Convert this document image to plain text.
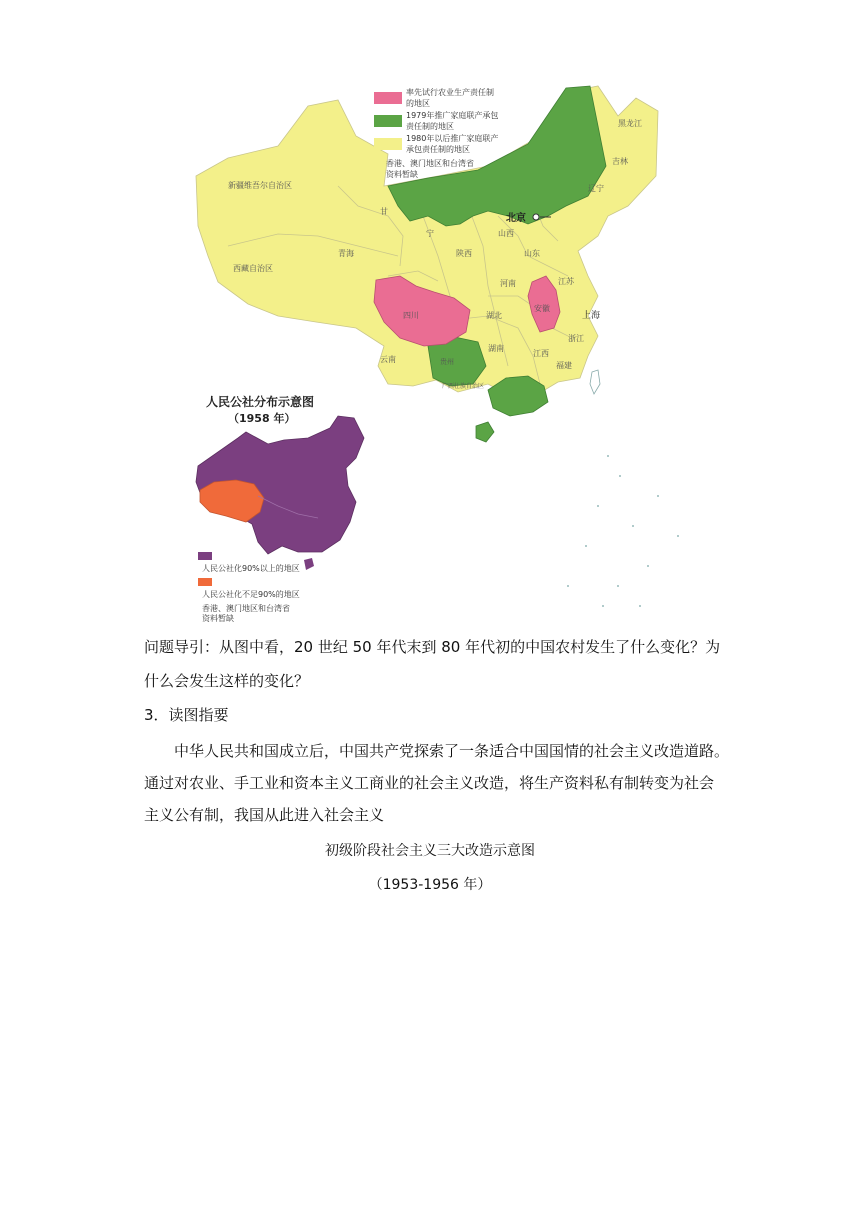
新疆维吾尔自治区
西藏自治区
青海
甘
宁
陕西
山西
河南
湖北
湖南
四川
安徽
江苏
浙江
江西
福建
云南	贵州
广西壮族自治区
黑龙江
吉林
辽宁
山东
北京
上海
率先试行农业生产责任制
的地区
1979年推广家庭联产承包
责任制的地区
1980年以后推广家庭联产
承包责任制的地区
香港、澳门地区和台湾省
资料暂缺
人民公社分布示意图
（1958 年）
人民公社化90%以上的地区
人民公社化不足90%的地区
香港、澳门地区和台湾省
资料暂缺
问题导引：从图中看，20 世纪 50 年代末到 80 年代初的中国农村发生了什么变化？为
什么会发生这样的变化？
3．读图指要
中华人民共和国成立后，中国共产党探索了一条适合中国国情的社会主义改造道路。
通过对农业、手工业和资本主义工商业的社会主义改造，将生产资料私有制转变为社会
主义公有制，我国从此进入社会主义
初级阶段社会主义三大改造示意图
（1953-1956 年）
